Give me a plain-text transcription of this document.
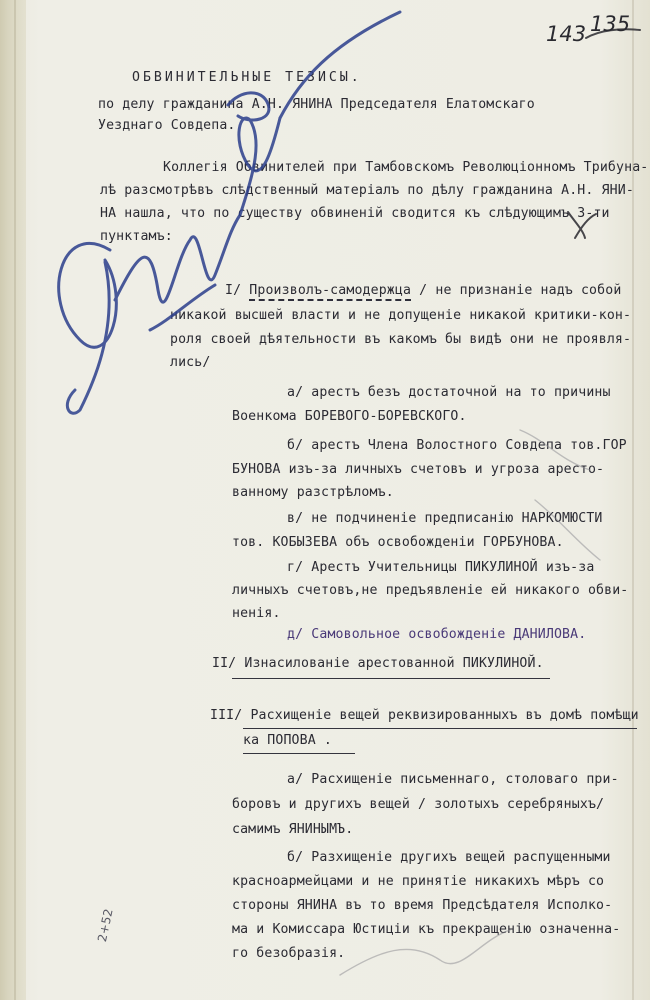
143 135
ОБВИНИТЕЛЬНЫЕ ТЕЗИСЫ.
по делу гражданина А.Н. ЯНИНА Председателя Елатомскаго
Уезднаго Совдепа.
Коллегія Обвинителей при Тамбовскомъ Революціонномъ Трибуна-
лѣ разсмотрѣвъ слѣдственный матеріалъ по дѣлу гражданина А.Н. ЯНИ-
НА нашла, что по существу обвиненій сводится къ слѣдующимъ 3-ти
пунктамъ:
I/ Произволъ-самодержца / не признаніе надъ собой
никакой высшей власти и не допущеніе никакой критики-кон-
роля своей дѣятельности въ какомъ бы видѣ они не проявля-
лись/
а/ арестъ безъ достаточной на то причины
Военкома БОРЕВОГО-БОРЕВСКОГО.
б/ арестъ Члена Волостного Совдепа тов.ГОР
БУНОВА изъ-за личныхъ счетовъ и угроза аресто-
ванному разстрѣломъ.
в/ не подчиненіе предписанію НАРКОМЮСТИ
тов. КОБЫЗЕВА объ освобожденіи ГОРБУНОВА.
г/ Арестъ Учительницы ПИКУЛИНОЙ изъ-за
личныхъ счетовъ,не предъявленіе ей никакого обви-
ненія.
д/ Самовольное освобожденіе ДАНИЛОВА.
II/ Изнасилованіе арестованной ПИКУЛИНОЙ.
III/ Расхищеніе вещей реквизированныхъ въ домѣ помѣщи
ка ПОПОВА .
а/ Расхищеніе письменнаго, столоваго при-
боровъ и другихъ вещей / золотыхъ серебряныхъ/
самимъ ЯНИНЫМЪ.
б/ Разхищеніе другихъ вещей распущенными
красноармейцами и не принятіе никакихъ мѣръ со
стороны ЯНИНА въ то время Предсѣдателя Исполко-
ма и Комиссара Юстиціи къ прекращенію означенна-
го безобразія.
2+52
